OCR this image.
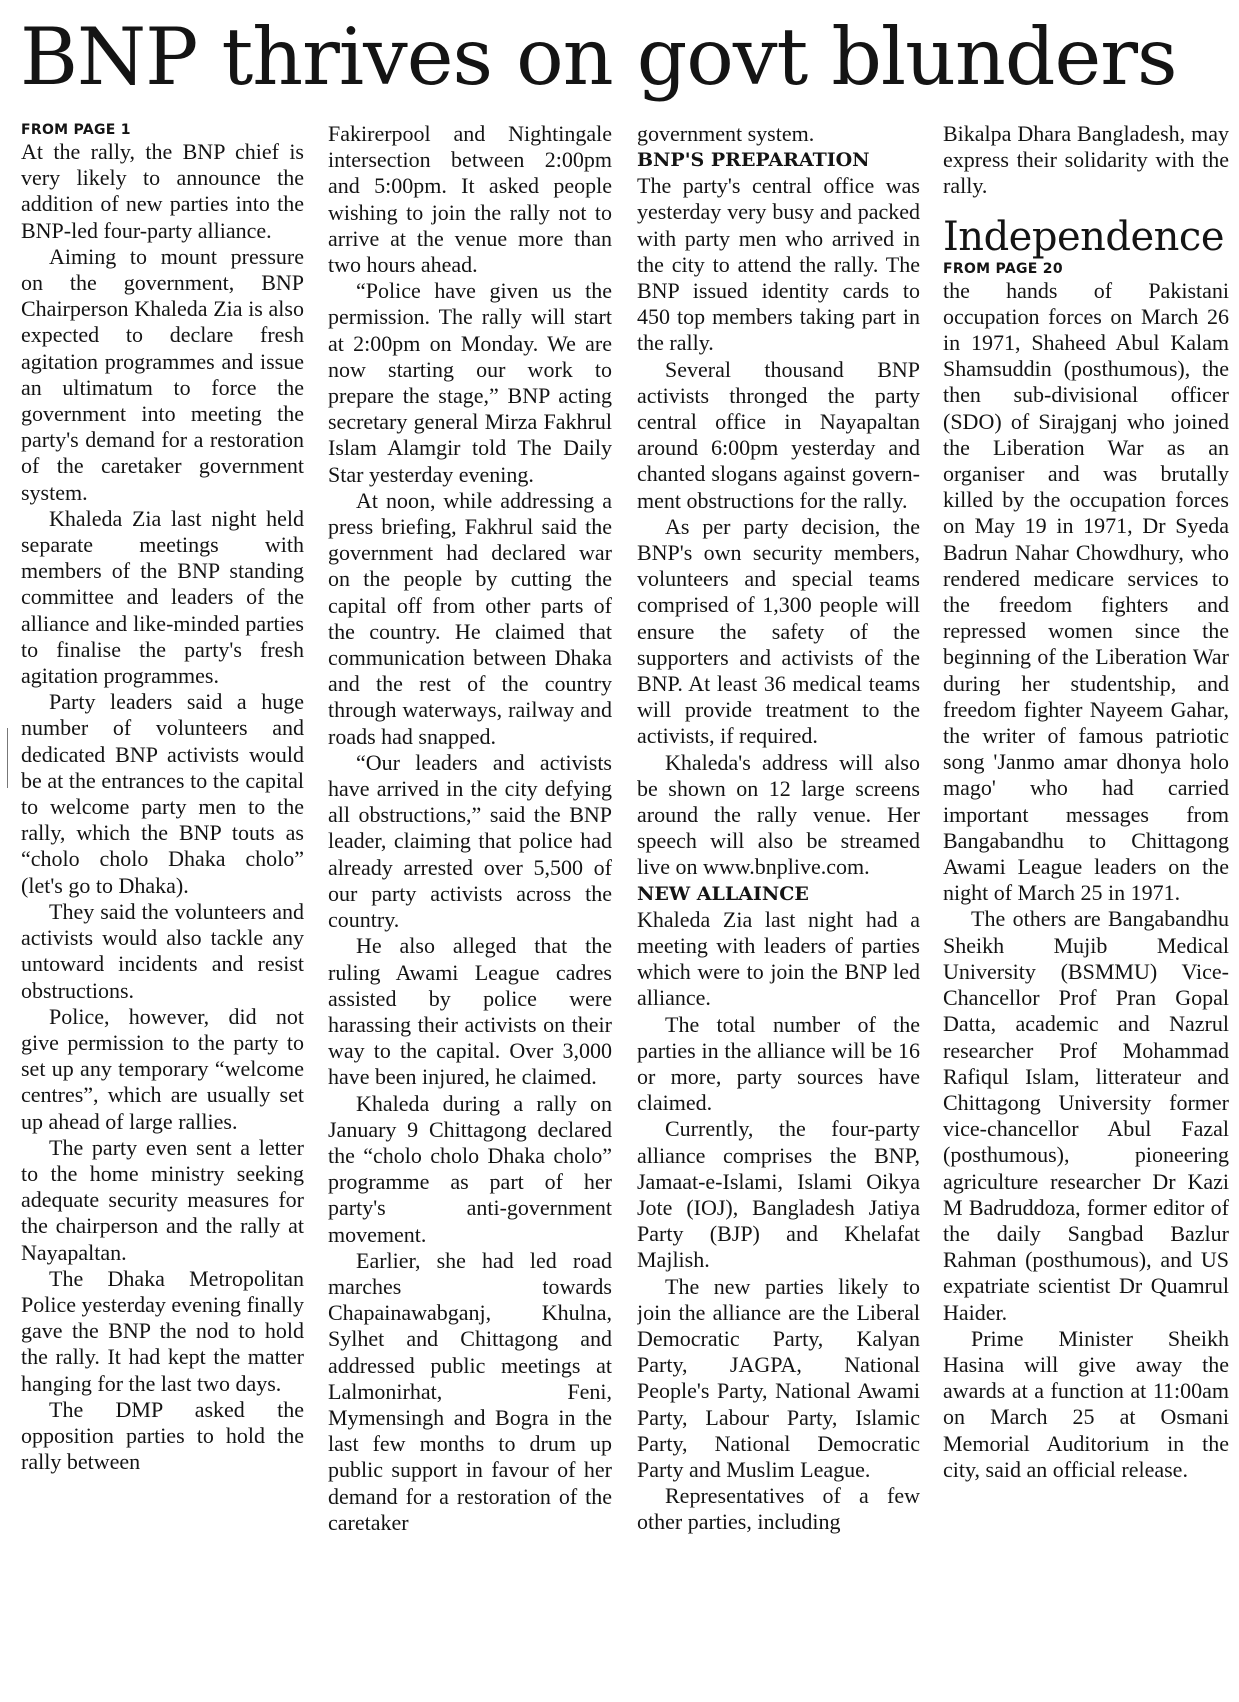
BNP thrives on govt blunders
FROM PAGE 1

At the rally, the BNP chief is very likely to announce the addition of new parties into the BNP-led four-party alliance.

Aiming to mount pressure on the government, BNP Chairperson Khaleda Zia is also expected to declare fresh agitation programmes and issue an ultimatum to force the government into meeting the party's demand for a restoration of the caretaker government system.

Khaleda Zia last night held separate meetings with members of the BNP standing committee and leaders of the alliance and like-minded parties to finalise the party's fresh agitation programmes.

Party leaders said a huge number of volunteers and dedicated BNP activists would be at the entrances to the capital to welcome party men to the rally, which the BNP touts as “cholo cholo Dhaka cholo” (let's go to Dhaka).

They said the volunteers and activists would also tackle any untoward incidents and resist obstructions.

Police, however, did not give permission to the party to set up any temporary “welcome centres”, which are usually set up ahead of large rallies.

The party even sent a letter to the home ministry seeking adequate security measures for the chairperson and the rally at Nayapaltan.

The Dhaka Metropolitan Police yesterday evening finally gave the BNP the nod to hold the rally. It had kept the matter hanging for the last two days.

The DMP asked the opposition parties to hold the rally between

Fakirerpool and Nightingale intersection between 2:00pm and 5:00pm. It asked people wishing to join the rally not to arrive at the venue more than two hours ahead.

“Police have given us the permission. The rally will start at 2:00pm on Monday. We are now starting our work to prepare the stage,” BNP acting secretary general Mirza Fakhrul Islam Alamgir told The Daily Star yesterday evening.

At noon, while addressing a press briefing, Fakhrul said the government had declared war on the people by cutting the capital off from other parts of the country. He claimed that communication between Dhaka and the rest of the country through waterways, railway and roads had snapped.

“Our leaders and activists have arrived in the city defying all obstructions,” said the BNP leader, claiming that police had already arrested over 5,500 of our party activists across the country.

He also alleged that the ruling Awami League cadres assisted by police were harassing their activists on their way to the capital. Over 3,000 have been injured, he claimed.

Khaleda during a rally on January 9 Chittagong declared the “cholo cholo Dhaka cholo” programme as part of her party's anti-government movement.

Earlier, she had led road marches towards Chapainawabganj, Khulna, Sylhet and Chittagong and addressed public meetings at Lalmonirhat, Feni, Mymensingh and Bogra in the last few months to drum up public support in favour of her demand for a restoration of the caretaker

government system.

BNP'S PREPARATION

The party's central office was yesterday very busy and packed with party men who arrived in the city to attend the rally. The BNP issued identity cards to 450 top members taking part in the rally.

Several thousand BNP activists thronged the party central office in Nayapaltan around 6:00pm yesterday and chanted slogans against government obstructions for the rally.

As per party decision, the BNP's own security members, volunteers and special teams comprised of 1,300 people will ensure the safety of the supporters and activists of the BNP. At least 36 medical teams will provide treatment to the activists, if required.

Khaleda's address will also be shown on 12 large screens around the rally venue. Her speech will also be streamed live on www.bnplive.com.

NEW ALLAINCE

Khaleda Zia last night had a meeting with leaders of parties which were to join the BNP led alliance.

The total number of the parties in the alliance will be 16 or more, party sources have claimed.

Currently, the four-party alliance comprises the BNP, Jamaat-e-Islami, Islami Oikya Jote (IOJ), Bangladesh Jatiya Party (BJP) and Khelafat Majlish.

The new parties likely to join the alliance are the Liberal Democratic Party, Kalyan Party, JAGPA, National People's Party, National Awami Party, Labour Party, Islamic Party, National Democratic Party and Muslim League.

Representatives of a few other parties, including

Bikalpa Dhara Bangladesh, may express their solidarity with the rally.

Independence
FROM PAGE 20

the hands of Pakistani occupation forces on March 26 in 1971, Shaheed Abul Kalam Shamsuddin (posthumous), the then sub-divisional officer (SDO) of Sirajganj who joined the Liberation War as an organiser and was brutally killed by the occupation forces on May 19 in 1971, Dr Syeda Badrun Nahar Chowdhury, who rendered medicare services to the freedom fighters and repressed women since the beginning of the Liberation War during her studentship, and freedom fighter Nayeem Gahar, the writer of famous patriotic song 'Janmo amar dhonya holo mago' who had carried important messages from Bangabandhu to Chittagong Awami League leaders on the night of March 25 in 1971.

The others are Bangabandhu Sheikh Mujib Medical University (BSMMU) Vice-Chancellor Prof Pran Gopal Datta, academic and Nazrul researcher Prof Mohammad Rafiqul Islam, litterateur and Chittagong University former vice-chancellor Abul Fazal (posthumous), pioneering agriculture researcher Dr Kazi M Badruddoza, former editor of the daily Sangbad Bazlur Rahman (posthumous), and US expatriate scientist Dr Quamrul Haider.

Prime Minister Sheikh Hasina will give away the awards at a function at 11:00am on March 25 at Osmani Memorial Auditorium in the city, said an official release.
